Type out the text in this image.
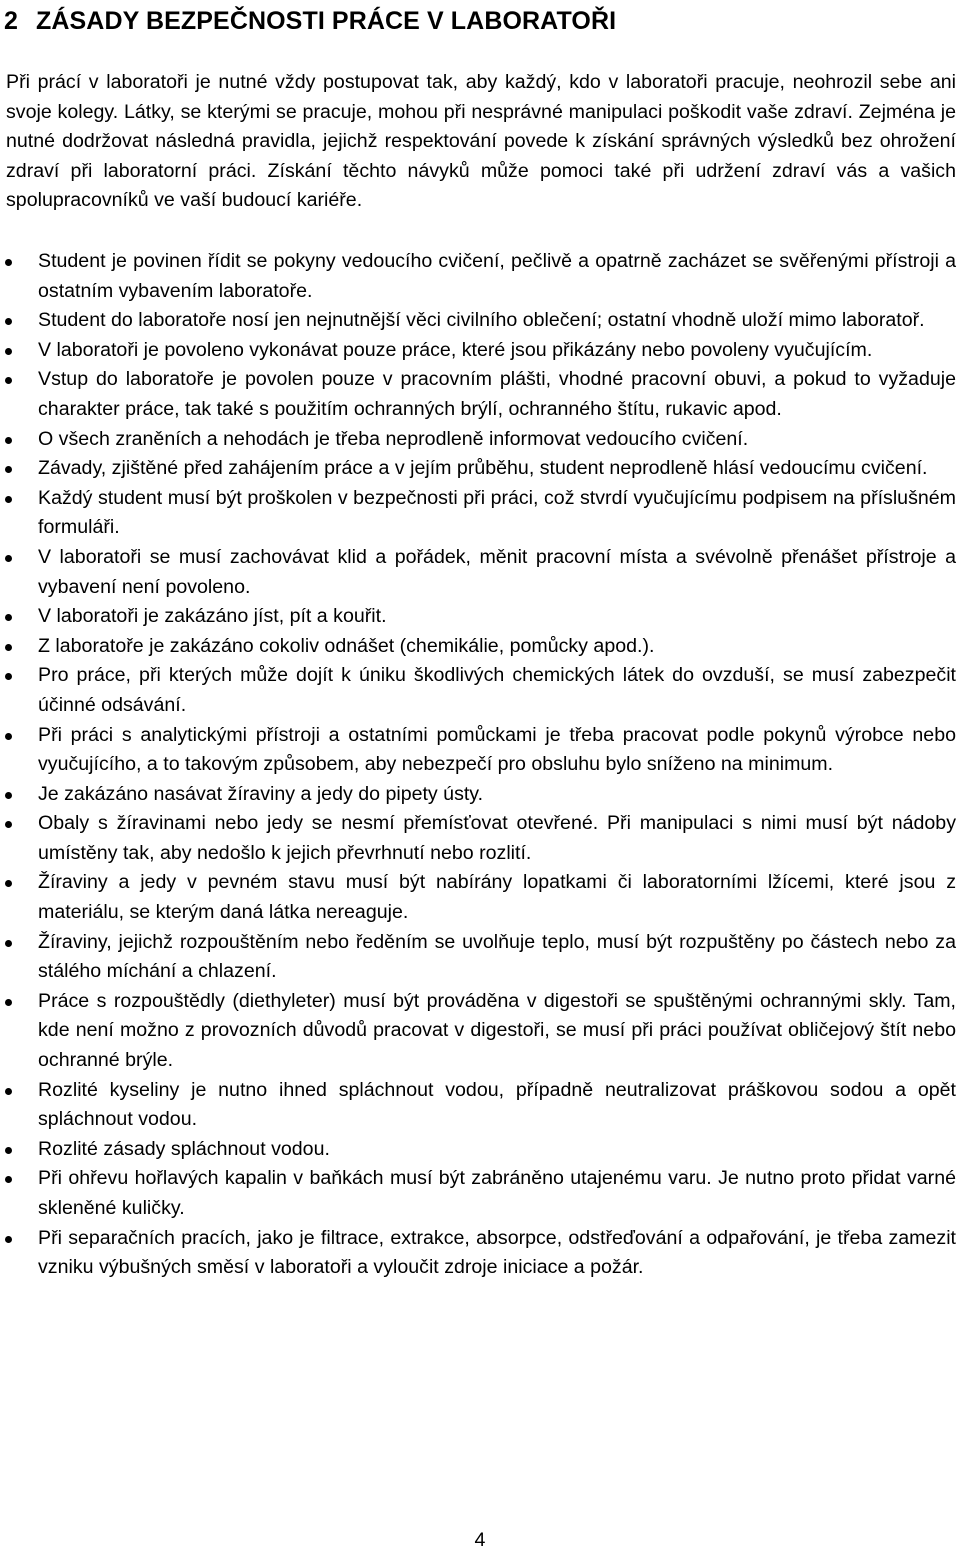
2 ZÁSADY BEZPEČNOSTI PRÁCE V LABORATOŘI

Při prácí v laboratoři je nutné vždy postupovat tak, aby každý, kdo v laboratoři pracuje, neohrozil sebe ani svoje kolegy. Látky, se kterými se pracuje, mohou při nesprávné manipulaci poškodit vaše zdraví. Zejména je nutné dodržovat následná pravidla, jejichž respektování povede k získání správných výsledků bez ohrožení zdraví při laboratorní práci. Získání těchto návyků může pomoci také při udržení zdraví vás a vašich spolupracovníků ve vaší budoucí kariéře.

Student je povinen řídit se pokyny vedoucího cvičení, pečlivě a opatrně zacházet se svěřenými přístroji a ostatním vybavením laboratoře.
Student do laboratoře nosí jen nejnutnější věci civilního oblečení; ostatní vhodně uloží mimo laboratoř.
V laboratoři je povoleno vykonávat pouze práce, které jsou přikázány nebo povoleny vyučujícím.
Vstup do laboratoře je povolen pouze v pracovním plášti, vhodné pracovní obuvi, a pokud to vyžaduje charakter práce, tak také s použitím ochranných brýlí, ochranného štítu, rukavic apod.
O všech zraněních a nehodách je třeba neprodleně informovat vedoucího cvičení.
Závady, zjištěné před zahájením práce a v jejím průběhu, student neprodleně hlásí vedoucímu cvičení.
Každý student musí být proškolen v bezpečnosti při práci, což stvrdí vyučujícímu podpisem na příslušném formuláři.
V laboratoři se musí zachovávat klid a pořádek, měnit pracovní místa a svévolně přenášet přístroje a vybavení není povoleno.
V laboratoři je zakázáno jíst, pít a kouřit.
Z laboratoře je zakázáno cokoliv odnášet (chemikálie, pomůcky apod.).
Pro práce, při kterých může dojít k úniku škodlivých chemických látek do ovzduší, se musí zabezpečit účinné odsávání.
Při práci s analytickými přístroji a ostatními pomůckami je třeba pracovat podle pokynů výrobce nebo vyučujícího, a to takovým způsobem, aby nebezpečí pro obsluhu bylo sníženo na minimum.
Je zakázáno nasávat žíraviny a jedy do pipety ústy.
Obaly s žíravinami nebo jedy se nesmí přemísťovat otevřené. Při manipulaci s nimi musí být nádoby umístěny tak, aby nedošlo k jejich převrhnutí nebo rozlití.
Žíraviny a jedy v pevném stavu musí být nabírány lopatkami či laboratorními lžícemi, které jsou z materiálu, se kterým daná látka nereaguje.
Žíraviny, jejichž rozpouštěním nebo ředěním se uvolňuje teplo, musí být rozpuštěny po částech nebo za stálého míchání a chlazení.
Práce s rozpouštědly (diethyleter) musí být prováděna v digestoři se spuštěnými ochrannými skly. Tam, kde není možno z provozních důvodů pracovat v digestoři, se musí při práci používat obličejový štít nebo ochranné brýle.
Rozlité kyseliny je nutno ihned spláchnout vodou, případně neutralizovat práškovou sodou a opět spláchnout vodou.
Rozlité zásady spláchnout vodou.
Při ohřevu hořlavých kapalin v baňkách musí být zabráněno utajenému varu. Je nutno proto přidat varné skleněné kuličky.
Při separačních pracích, jako je filtrace, extrakce, absorpce, odstřeďování a odpařování, je třeba zamezit vzniku výbušných směsí v laboratoři a vyloučit zdroje iniciace a požár.
4
